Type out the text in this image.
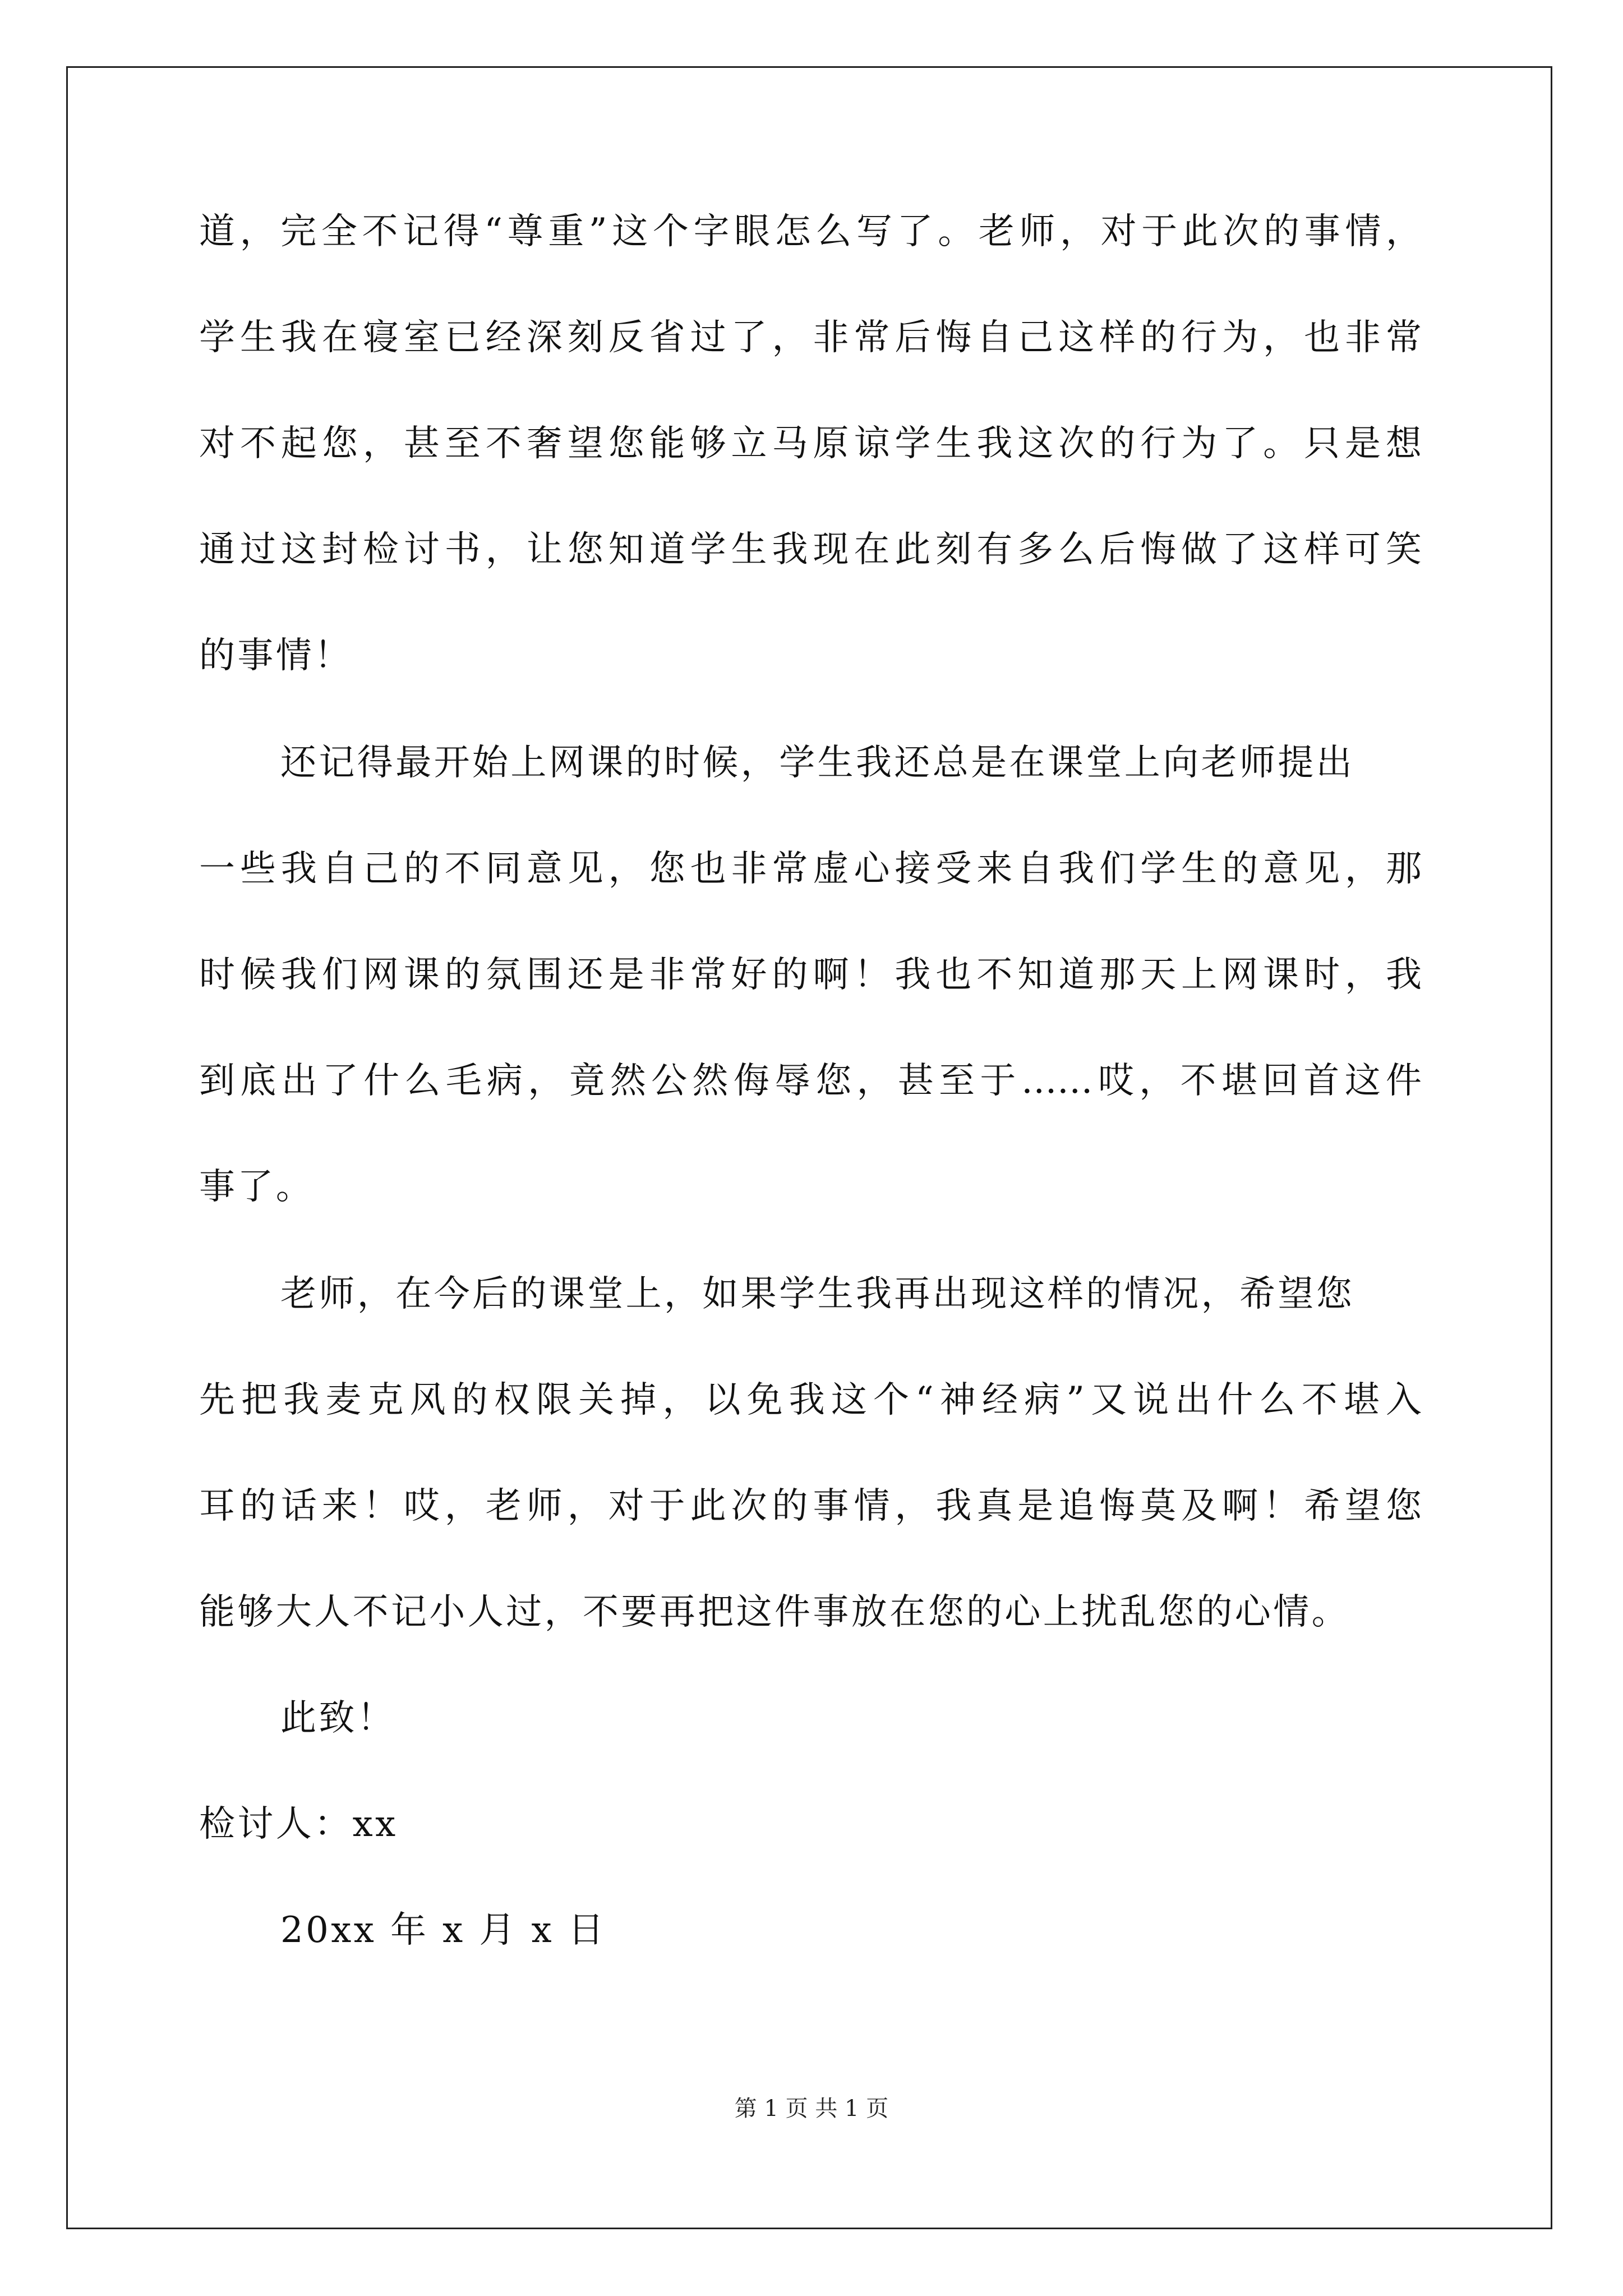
道，完全不记得“尊重”这个字眼怎么写了。老师，对于此次的事情，
学生我在寝室已经深刻反省过了，非常后悔自己这样的行为，也非常
对不起您，甚至不奢望您能够立马原谅学生我这次的行为了。只是想
通过这封检讨书，让您知道学生我现在此刻有多么后悔做了这样可笑
的事情！
还记得最开始上网课的时候，学生我还总是在课堂上向老师提出
一些我自己的不同意见，您也非常虚心接受来自我们学生的意见，那
时候我们网课的氛围还是非常好的啊！我也不知道那天上网课时，我
到底出了什么毛病，竟然公然侮辱您，甚至于……哎，不堪回首这件
事了。
老师，在今后的课堂上，如果学生我再出现这样的情况，希望您
先把我麦克风的权限关掉，以免我这个“神经病”又说出什么不堪入
耳的话来！哎，老师，对于此次的事情，我真是追悔莫及啊！希望您
能够大人不记小人过，不要再把这件事放在您的心上扰乱您的心情。
此致！
检讨人：xx
20xx 年 x 月 x 日
第 1 页 共 1 页
